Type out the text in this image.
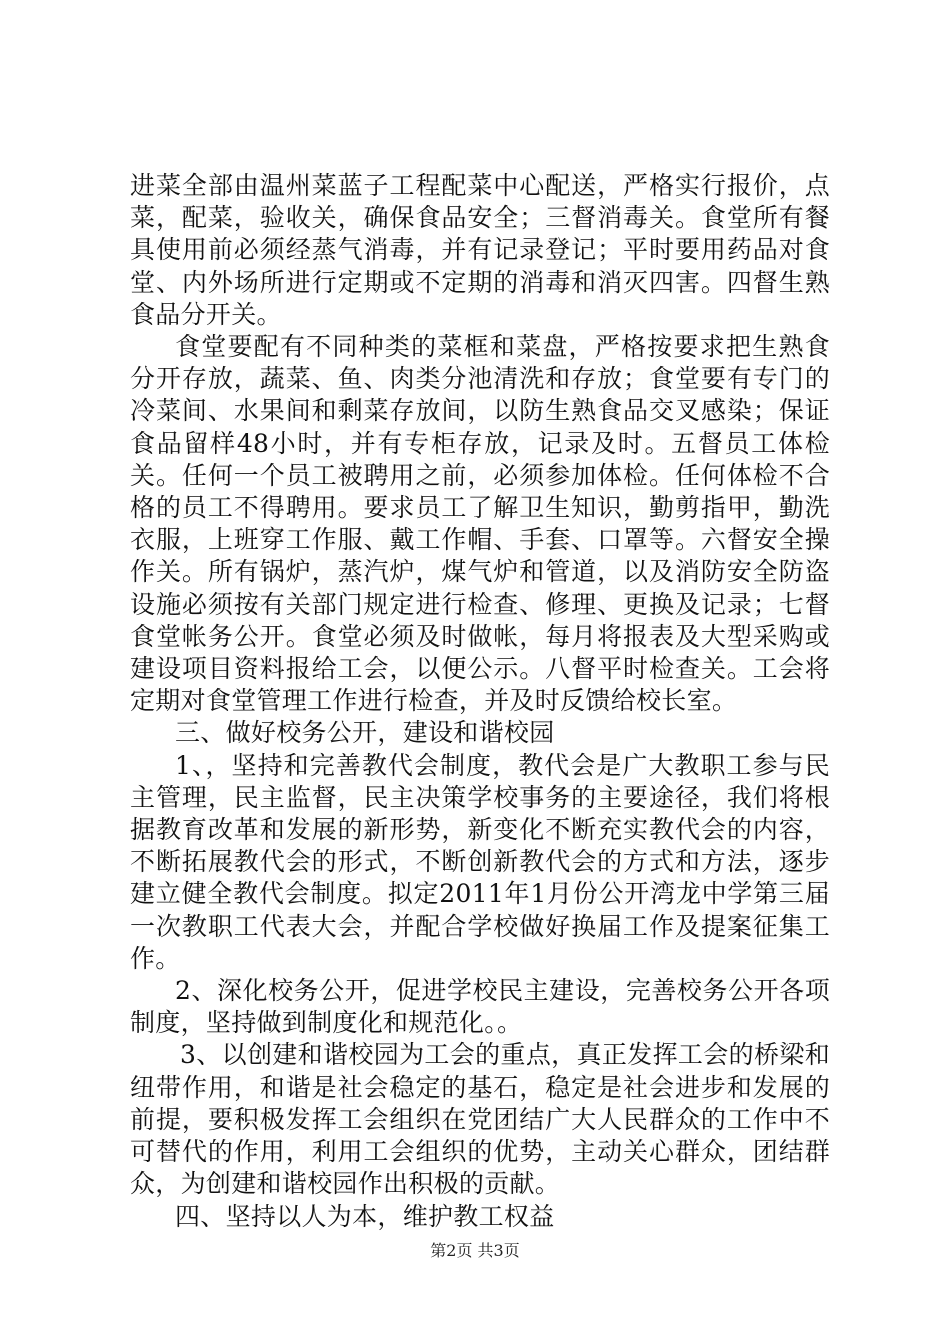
进菜全部由温州菜蓝子工程配菜中心配送，严格实行报价，点菜，配菜，验收关，确保食品安全；三督消毒关。食堂所有餐具使用前必须经蒸气消毒，并有记录登记；平时要用药品对食堂、内外场所进行定期或不定期的消毒和消灭四害。四督生熟食品分开关。

食堂要配有不同种类的菜框和菜盘，严格按要求把生熟食分开存放，蔬菜、鱼、肉类分池清洗和存放；食堂要有专门的冷菜间、水果间和剩菜存放间，以防生熟食品交叉感染；保证食品留样48小时，并有专柜存放，记录及时。五督员工体检关。任何一个员工被聘用之前，必须参加体检。任何体检不合格的员工不得聘用。要求员工了解卫生知识，勤剪指甲，勤洗衣服，上班穿工作服、戴工作帽、手套、口罩等。六督安全操作关。所有锅炉，蒸汽炉，煤气炉和管道，以及消防安全防盗设施必须按有关部门规定进行检查、修理、更换及记录；七督食堂帐务公开。食堂必须及时做帐，每月将报表及大型采购或建设项目资料报给工会，以便公示。八督平时检查关。工会将定期对食堂管理工作进行检查，并及时反馈给校长室。

三、做好校务公开，建设和谐校园

1、，坚持和完善教代会制度，教代会是广大教职工参与民主管理，民主监督，民主决策学校事务的主要途径，我们将根据教育改革和发展的新形势，新变化不断充实教代会的内容，不断拓展教代会的形式，不断创新教代会的方式和方法，逐步建立健全教代会制度。拟定2011年1月份公开湾龙中学第三届一次教职工代表大会，并配合学校做好换届工作及提案征集工作。

2、深化校务公开，促进学校民主建设，完善校务公开各项制度，坚持做到制度化和规范化。。

3、以创建和谐校园为工会的重点，真正发挥工会的桥梁和纽带作用，和谐是社会稳定的基石，稳定是社会进步和发展的前提，要积极发挥工会组织在党团结广大人民群众的工作中不可替代的作用，利用工会组织的优势，主动关心群众，团结群众，为创建和谐校园作出积极的贡献。

四、坚持以人为本，维护教工权益

第2页 共3页
